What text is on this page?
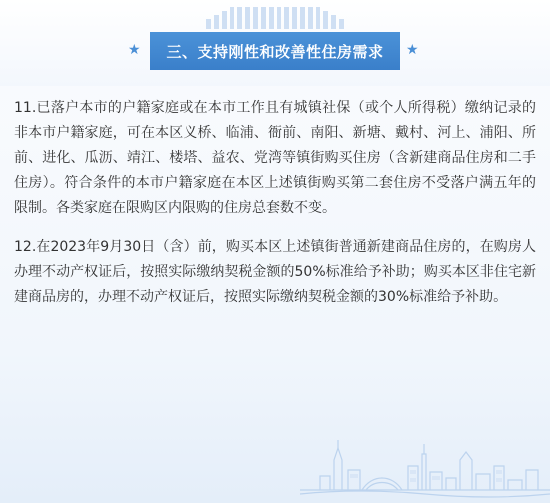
★	三、支持刚性和改善性住房需求	★

11.已落户本市的户籍家庭或在本市工作且有城镇社保（或个人所得税）缴纳记录的非本市户籍家庭，可在本区义桥、临浦、衙前、南阳、新塘、戴村、河上、浦阳、所前、进化、瓜沥、靖江、楼塔、益农、党湾等镇街购买住房（含新建商品住房和二手住房）。符合条件的本市户籍家庭在本区上述镇街购买第二套住房不受落户满五年的限制。各类家庭在限购区内限购的住房总套数不变。

12.在2023年9月30日（含）前，购买本区上述镇街普通新建商品住房的，在购房人办理不动产权证后，按照实际缴纳契税金额的50%标准给予补助；购买本区非住宅新建商品房的，办理不动产权证后，按照实际缴纳契税金额的30%标准给予补助。
